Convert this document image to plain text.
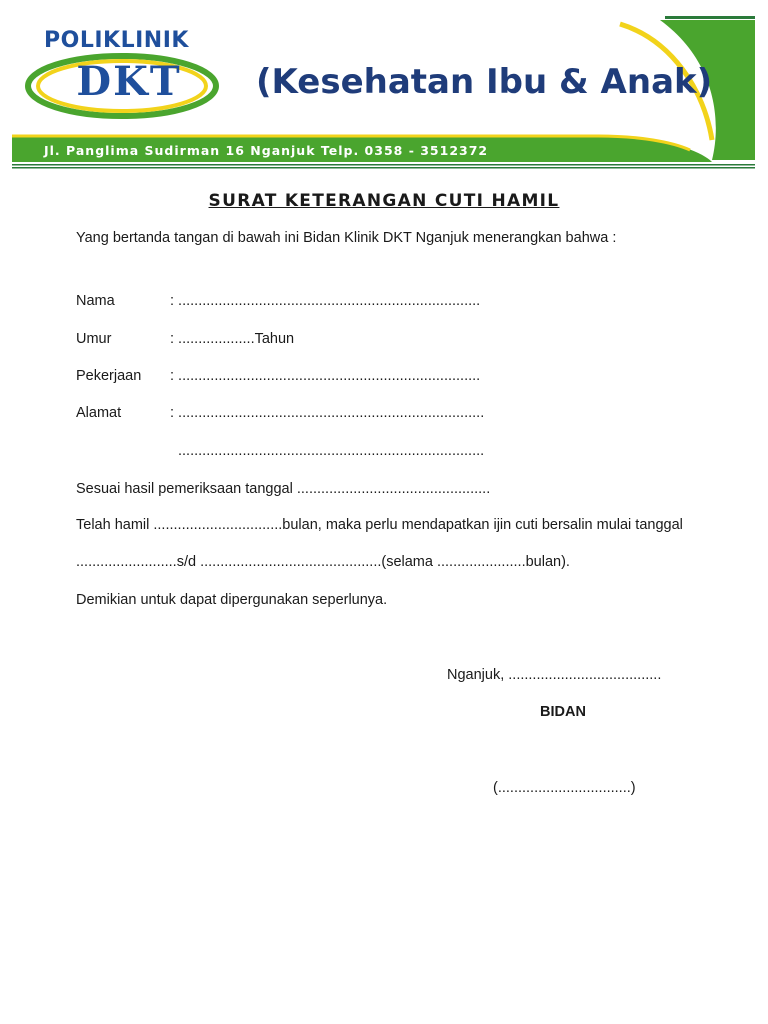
POLIKLINIK
DKT	(Kesehatan Ibu & Anak)
Jl. Panglima Sudirman 16 Nganjuk Telp. 0358 - 3512372
SURAT KETERANGAN CUTI HAMIL
Yang bertanda tangan di bawah ini Bidan Klinik DKT Nganjuk menerangkan bahwa :
Nama	: ...........................................................................
Umur	: ...................Tahun
Pekerjaan : ...........................................................................
Alamat	: ............................................................................
............................................................................
Sesuai hasil pemeriksaan tanggal ................................................
Telah hamil ................................bulan, maka perlu mendapatkan ijin cuti bersalin mulai tanggal
.........................s/d .............................................(selama ......................bulan).
Demikian untuk dapat dipergunakan seperlunya.
Nganjuk, ......................................
BIDAN
(.................................)
